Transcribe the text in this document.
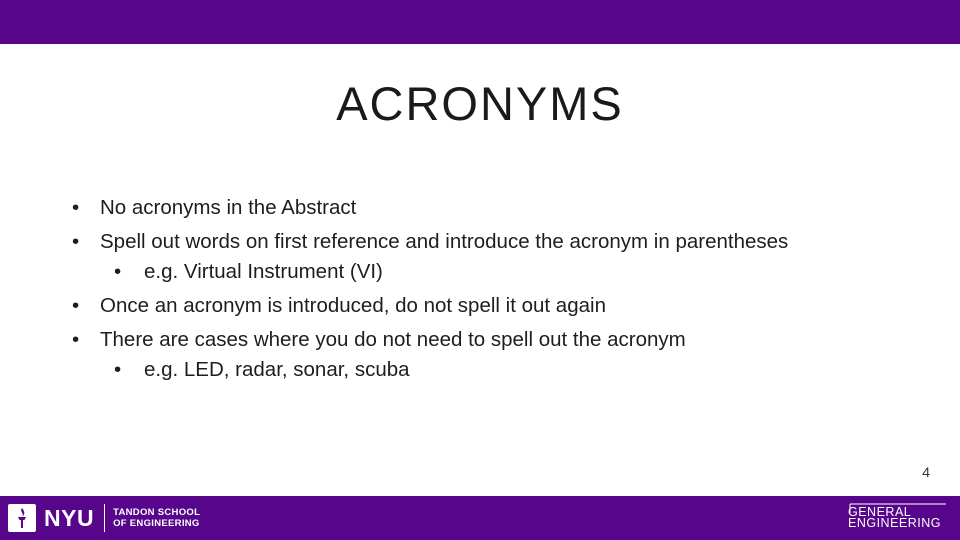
ACRONYMS
• No acronyms in the Abstract
• Spell out words on first reference and introduce the acronym in parentheses
• e.g. Virtual Instrument (VI)
• Once an acronym is introduced, do not spell it out again
• There are cases where you do not need to spell out the acronym
• e.g. LED, radar, sonar, scuba
4
NYU TANDON SCHOOL
OF ENGINEERING
GENERAL
ENGINEERING
